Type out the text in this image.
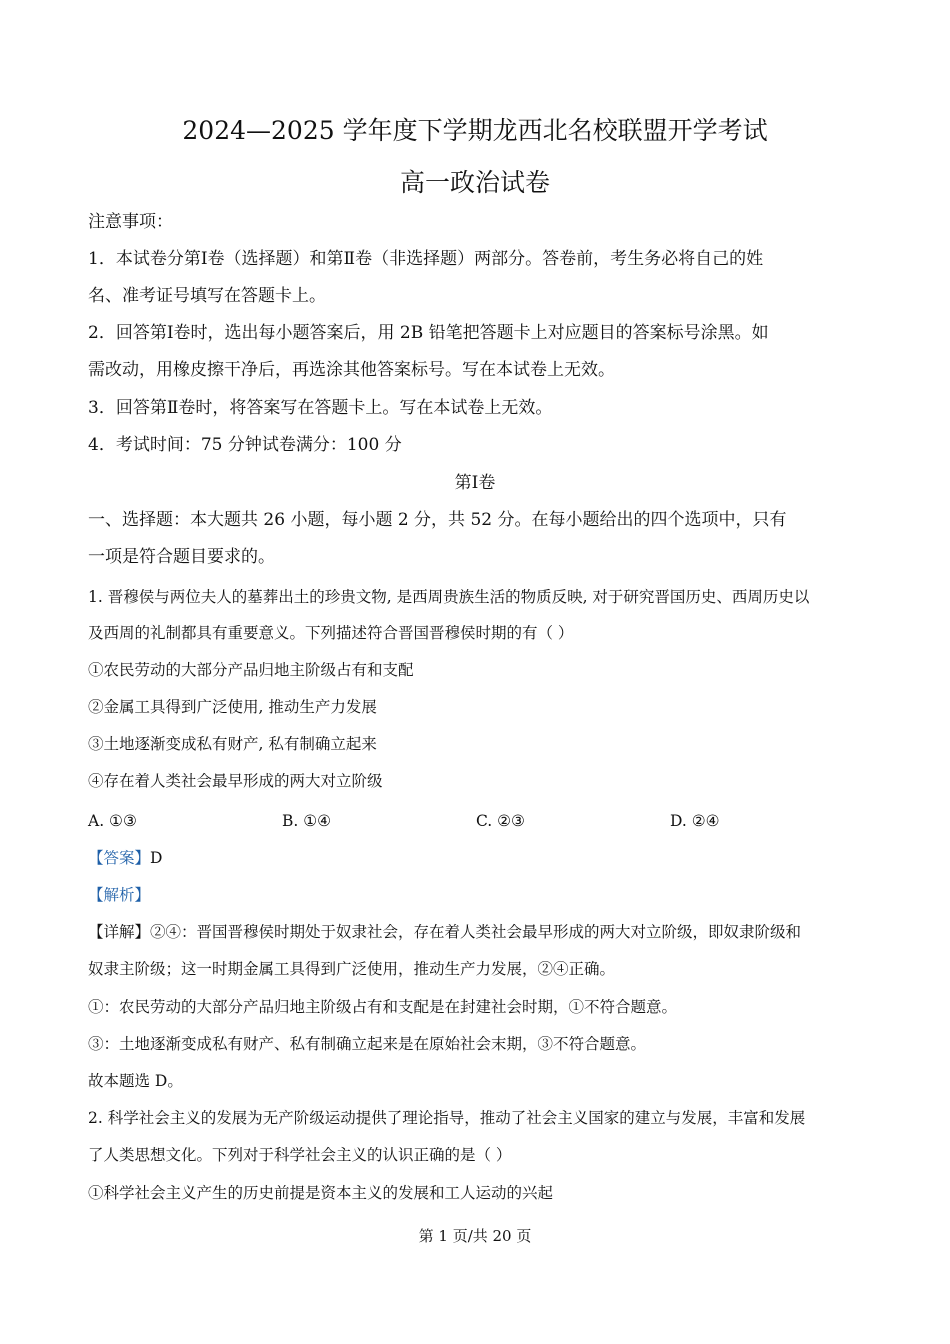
2024—2025 学年度下学期龙西北名校联盟开学考试
高一政治试卷
注意事项：
1．本试卷分第Ⅰ卷（选择题）和第Ⅱ卷（非选择题）两部分。答卷前，考生务必将自己的姓
名、准考证号填写在答题卡上。
2．回答第Ⅰ卷时，选出每小题答案后，用 2B 铅笔把答题卡上对应题目的答案标号涂黑。如
需改动，用橡皮擦干净后，再选涂其他答案标号。写在本试卷上无效。
3．回答第Ⅱ卷时，将答案写在答题卡上。写在本试卷上无效。
4．考试时间：75 分钟试卷满分：100 分
第Ⅰ卷
一、选择题：本大题共 26 小题，每小题 2 分，共 52 分。在每小题给出的四个选项中，只有
一项是符合题目要求的。
1. 晋穆侯与两位夫人的墓葬出土的珍贵文物, 是西周贵族生活的物质反映, 对于研究晋国历史、西周历史以
及西周的礼制都具有重要意义。下列描述符合晋国晋穆侯时期的有（ ）
①农民劳动的大部分产品归地主阶级占有和支配
②金属工具得到广泛使用, 推动生产力发展
③土地逐渐变成私有财产, 私有制确立起来
④存在着人类社会最早形成的两大对立阶级
A. ①③	B. ①④	C. ②③	D. ②④
【答案】D
【解析】
【详解】②④：晋国晋穆侯时期处于奴隶社会，存在着人类社会最早形成的两大对立阶级，即奴隶阶级和
奴隶主阶级；这一时期金属工具得到广泛使用，推动生产力发展，②④正确。
①：农民劳动的大部分产品归地主阶级占有和支配是在封建社会时期，①不符合题意。
③：土地逐渐变成私有财产、私有制确立起来是在原始社会末期，③不符合题意。
故本题选 D。
2. 科学社会主义的发展为无产阶级运动提供了理论指导，推动了社会主义国家的建立与发展，丰富和发展
了人类思想文化。下列对于科学社会主义的认识正确的是（ ）
①科学社会主义产生的历史前提是资本主义的发展和工人运动的兴起
第 1 页/共 20 页
